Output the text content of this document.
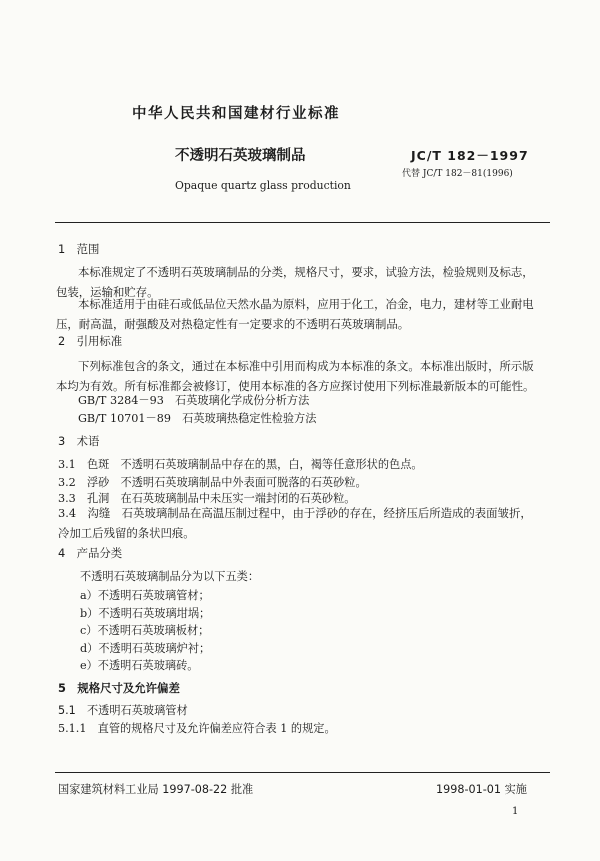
中华人民共和国建材行业标准
不透明石英玻璃制品	JC/T 182－1997
代替 JC/T 182－81(1996)
Opaque quartz glass production
1　范围
本标准规定了不透明石英玻璃制品的分类，规格尺寸，要求，试验方法，检验规则及标志，包装，运输和贮存。
本标准适用于由硅石或低品位天然水晶为原料，应用于化工，冶金，电力，建材等工业耐电压，耐高温，耐强酸及对热稳定性有一定要求的不透明石英玻璃制品。
2　引用标准
下列标准包含的条文，通过在本标准中引用而构成为本标准的条文。本标准出版时，所示版本均为有效。所有标准都会被修订，使用本标准的各方应探讨使用下列标准最新版本的可能性。
GB/T 3284－93　石英玻璃化学成份分析方法
GB/T 10701－89　石英玻璃热稳定性检验方法
3　术语
3.1　色斑　不透明石英玻璃制品中存在的黑，白，褐等任意形状的色点。
3.2　浮砂　不透明石英玻璃制品中外表面可脱落的石英砂粒。
3.3　孔洞　在石英玻璃制品中未压实一端封闭的石英砂粒。
3.4　沟缝　石英玻璃制品在高温压制过程中，由于浮砂的存在，经挤压后所造成的表面皱折，冷加工后残留的条状凹痕。
4　产品分类
不透明石英玻璃制品分为以下五类：
a）不透明石英玻璃管材；
b）不透明石英玻璃坩埚；
c）不透明石英玻璃板材；
d）不透明石英玻璃炉衬；
e）不透明石英玻璃砖。
5　规格尺寸及允许偏差
5.1　不透明石英玻璃管材
5.1.1　直管的规格尺寸及允许偏差应符合表 1 的规定。
国家建筑材料工业局 1997-08-22 批准	1998-01-01 实施
1
